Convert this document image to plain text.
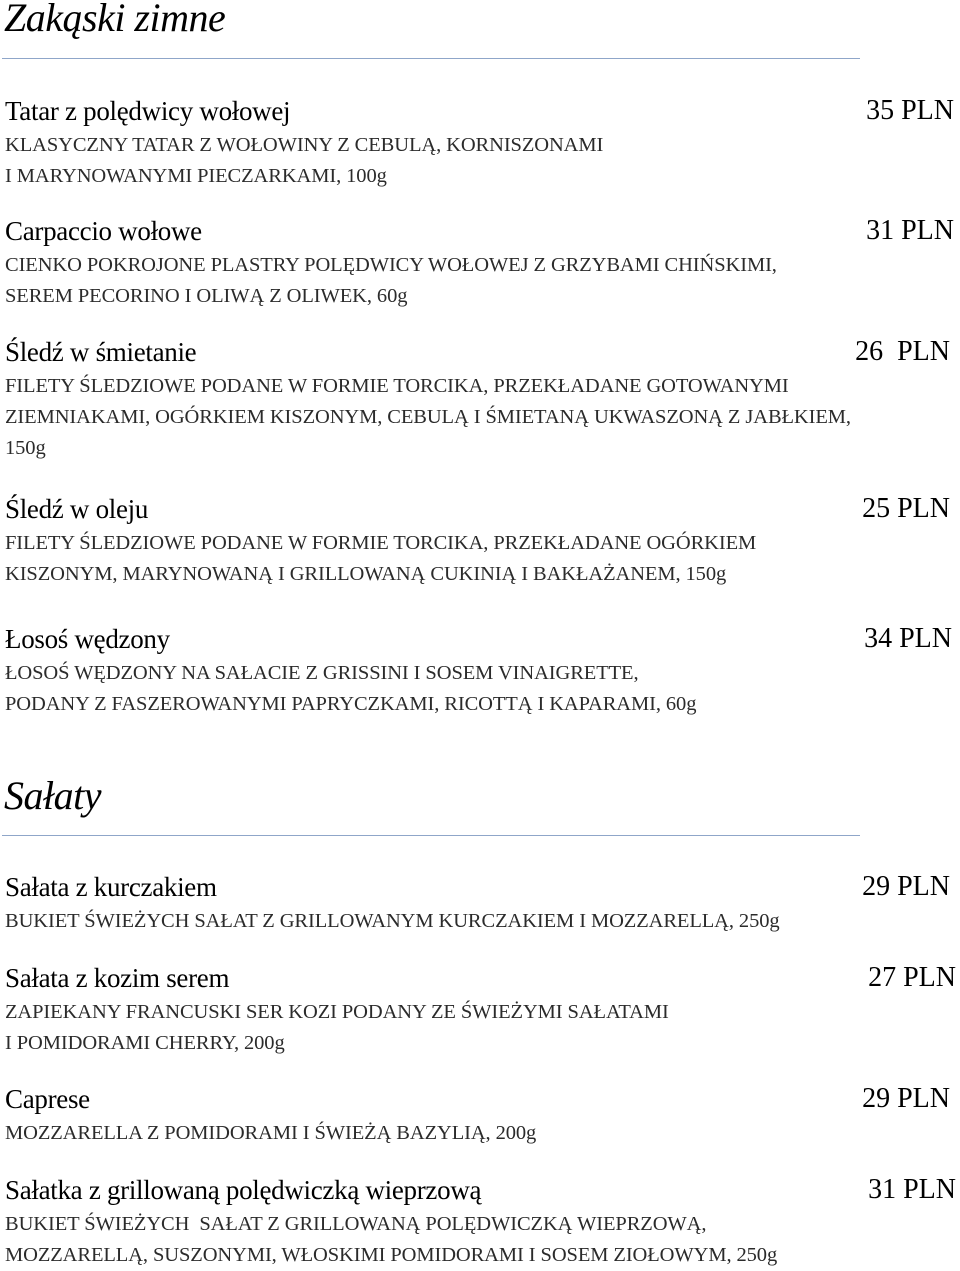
Zakąski zimne
Tatar z polędwicy wołowej	35 PLN
KLASYCZNY TATAR Z WOŁOWINY Z CEBULĄ, KORNISZONAMI
I MARYNOWANYMI PIECZARKAMI, 100g
Carpaccio wołowe	31 PLN
CIENKO POKROJONE PLASTRY POLĘDWICY WOŁOWEJ Z GRZYBAMI CHIŃSKIMI,
SEREM PECORINO I OLIWĄ Z OLIWEK, 60g
Śledź w śmietanie	26  PLN
FILETY ŚLEDZIOWE PODANE W FORMIE TORCIKA, PRZEKŁADANE GOTOWANYMI
ZIEMNIAKAMI, OGÓRKIEM KISZONYM, CEBULĄ I ŚMIETANĄ UKWASZONĄ Z JABŁKIEM,
150g
Śledź w oleju	25 PLN
FILETY ŚLEDZIOWE PODANE W FORMIE TORCIKA, PRZEKŁADANE OGÓRKIEM
KISZONYM, MARYNOWANĄ I GRILLOWANĄ CUKINIĄ I BAKŁAŻANEM, 150g
Łosoś wędzony	34 PLN
ŁOSOŚ WĘDZONY NA SAŁACIE Z GRISSINI I SOSEM VINAIGRETTE,
PODANY Z FASZEROWANYMI PAPRYCZKAMI, RICOTTĄ I KAPARAMI, 60g
Sałaty
Sałata z kurczakiem	29 PLN
BUKIET ŚWIEŻYCH SAŁAT Z GRILLOWANYM KURCZAKIEM I MOZZARELLĄ, 250g
Sałata z kozim serem	27 PLN
ZAPIEKANY FRANCUSKI SER KOZI PODANY ZE ŚWIEŻYMI SAŁATAMI
I POMIDORAMI CHERRY, 200g
Caprese	29 PLN
MOZZARELLA Z POMIDORAMI I ŚWIEŻĄ BAZYLIĄ, 200g
Sałatka z grillowaną polędwiczką wieprzową	31 PLN
BUKIET ŚWIEŻYCH  SAŁAT Z GRILLOWANĄ POLĘDWICZKĄ WIEPRZOWĄ,
MOZZARELLĄ, SUSZONYMI, WŁOSKIMI POMIDORAMI I SOSEM ZIOŁOWYM, 250g
